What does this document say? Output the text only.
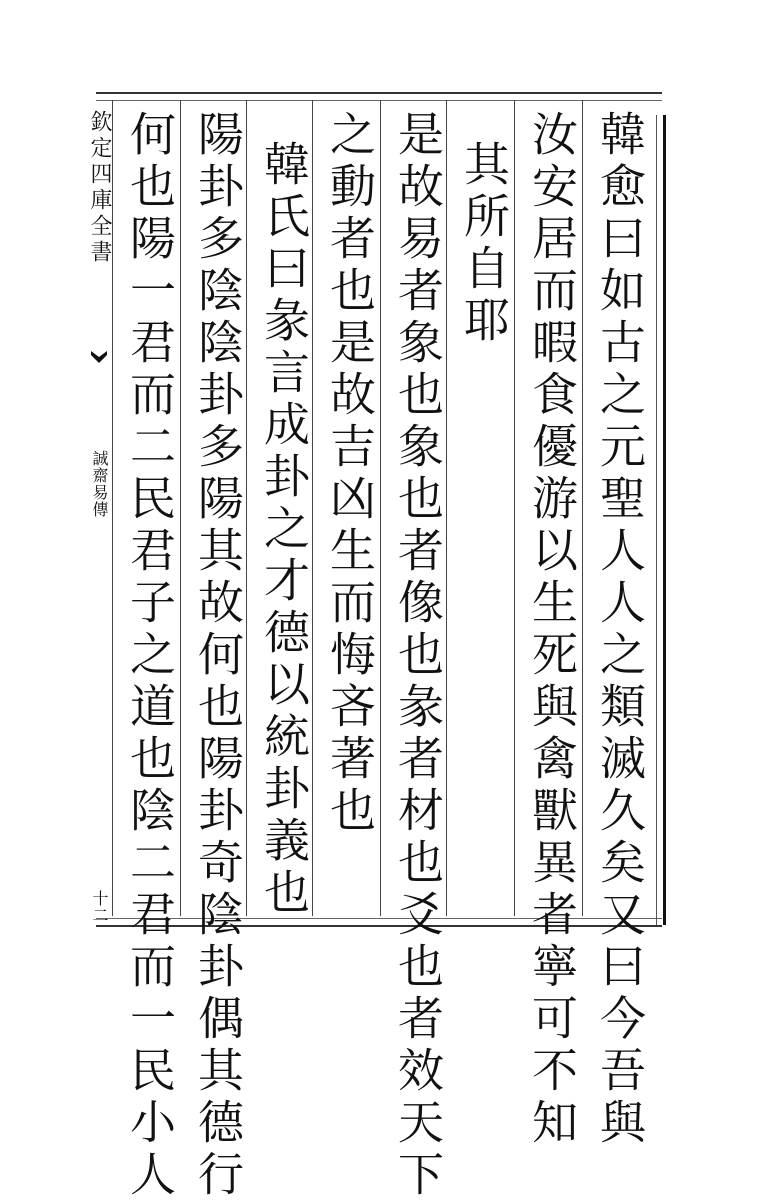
韓愈曰如古之元聖人人之類滅久矣又曰今吾與
汝安居而暇食優游以生死與禽獸異者寧可不知
其所自耶
是故易者象也象也者像也彖者材也爻也者效天下
之動者也是故吉凶生而悔吝著也
韓氏曰彖言成卦之才德以統卦義也
陽卦多陰陰卦多陽其故何也陽卦奇陰卦偶其德行
何也陽一君而二民君子之道也陰二君而一民小人
欽定四庫全書
誠齋易傳
十二
